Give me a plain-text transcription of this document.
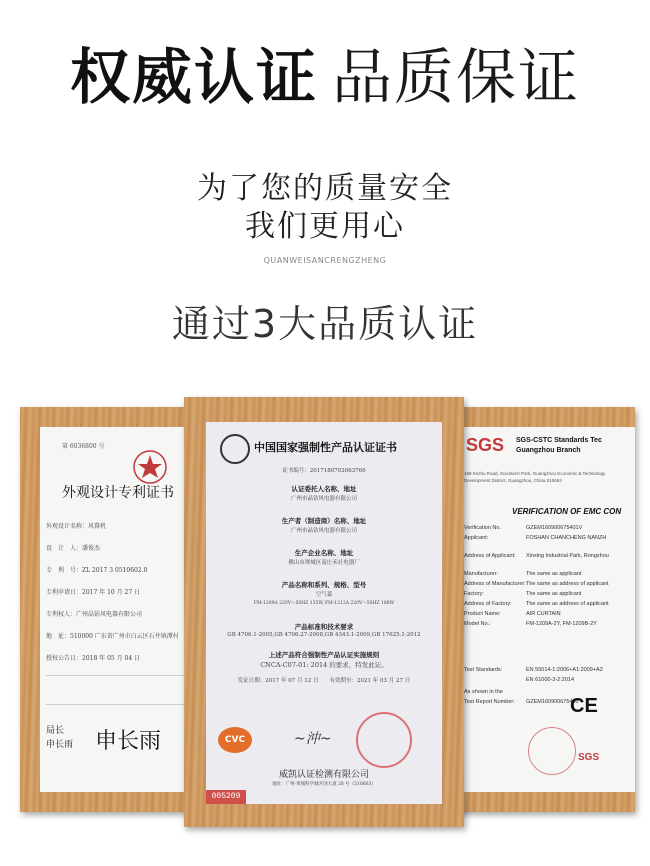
权威认证 品质保证
为了您的质量安全
我们更用心
QUANWEISANCRENGZHENG
通过3大品质认证
第 6036800 号
外观设计专利证书
外观设计名称：风幕机
设　计　人：潘俊杰
专　利　号：ZL 2017 3 0510602.0
专利申请日：2017 年 10 月 27 日
专利权人：广州晶钻风电器有限公司
地　址：510000 广东省广州市白云区石井镇潭村
授权公告日：2018 年 05 月 04 日
局长
申长雨 申长雨
SGS SGS-CSTC Standards Tec
Guangzhou Branch
198 Kezhu Road, Scientech Park, Guangzhou Economic & Technology
Development District, Guangzhou, China 510663
VERIFICATION OF EMC CON
Verification No.	GZEM160900675401V
Applicant:	FOSHAN CHANCHENG NANZH
Address of Applicant: Xinxing Industrial Park, Rongzhou
Manufacturer:	The same as applicant
Address of Manufacturer: The same as address of applicant
Factory:	The same as applicant
Address of Factory:	The same as address of applicant
Product Name:	AIR CURTAIN
Model No.:	FM-1209A-2Y, FM-1209B-2Y
Test Standards:	EN 55014-1:2006+A1:2009+A2
EN 61000-3-2:2014
As shown in the
Test Report Number: GZEM160900675401
CE
SGS
中国国家强制性产品认证证书
证书编号：2017180702063766
认证委托人名称、地址
广州市晶钻风电器有限公司
生产者（制造商）名称、地址
广州市晶钻风电器有限公司
生产企业名称、地址
佛山市禅城区南庄禾社电器厂
产品名称和系列、规格、型号
空气幕
FM-1209A 220V～50HZ 135W, FM-1212A 220V～50HZ 180W
产品标准和技术要求
GB 4706.1-2005,GB 4706.27-2008,GB 4343.1-2009,GB 17625.1-2012
上述产品符合强制性产品认证实施规则
CNCA-C07-01: 2014 的要求，特发此证。
发证日期：2017 年 07 月 12 日　　有效期至：2021 年 03 月 27 日
CVC	~沖~
威凯认证检测有限公司
地址：广州·黄埔科学城开创大道 28 号（510663）
005209
